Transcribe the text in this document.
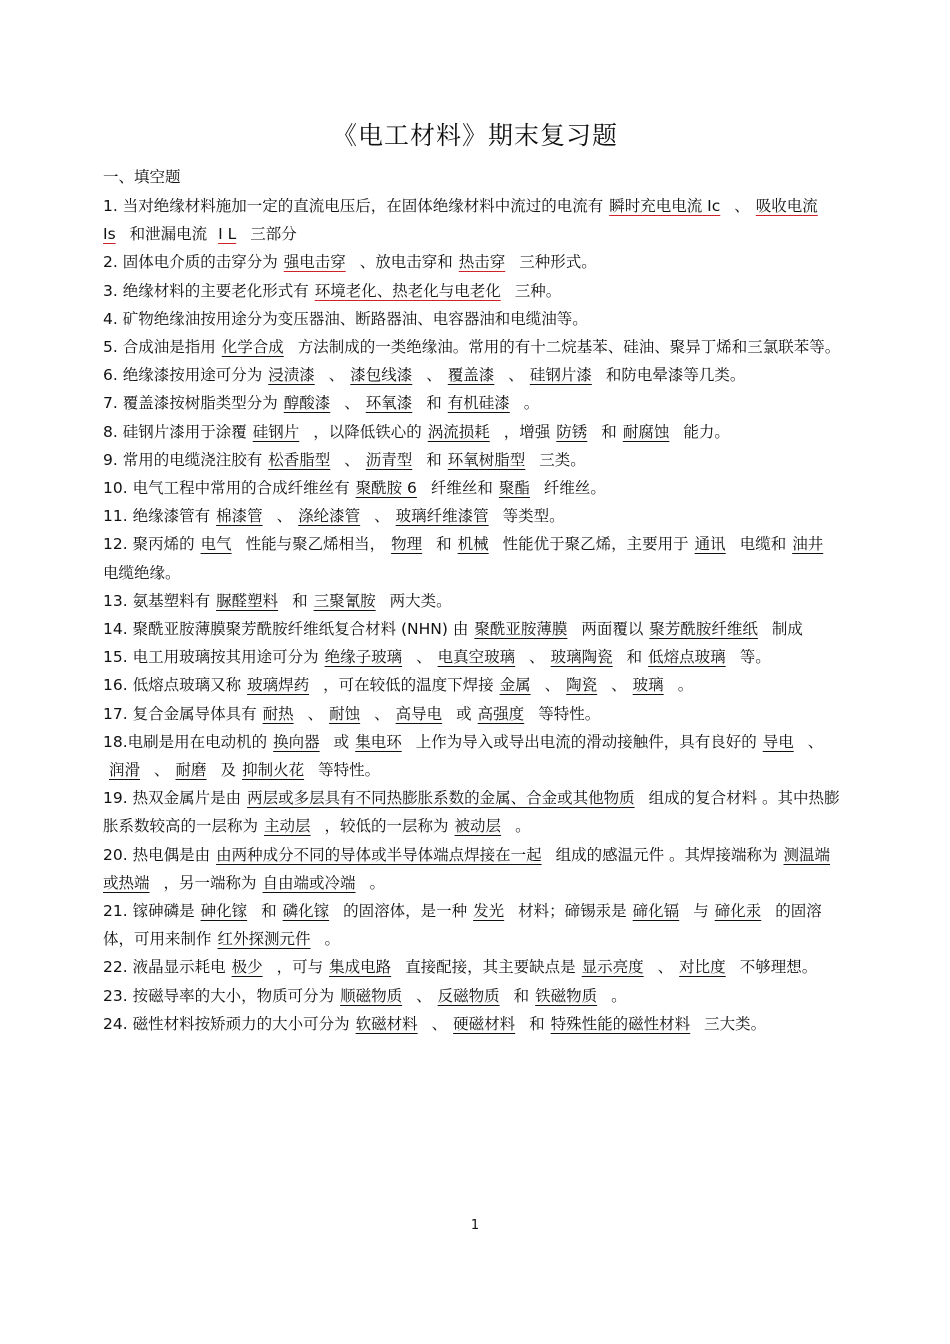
《电工材料》期末复习题
一、填空题

1. 当对绝缘材料施加一定的直流电压后，在固体绝缘材料中流过的电流有 瞬时充电电流 Ic 、 吸收电流 Is 和泄漏电流 I L 三部分

2. 固体电介质的击穿分为 强电击穿 、放电击穿和 热击穿 三种形式。

3. 绝缘材料的主要老化形式有 环境老化、热老化与电老化 三种。

4. 矿物绝缘油按用途分为变压器油、断路器油、电容器油和电缆油等。

5. 合成油是指用 化学合成 方法制成的一类绝缘油。常用的有十二烷基苯、硅油、聚异丁烯和三氯联苯等。

6. 绝缘漆按用途可分为 浸渍漆 、 漆包线漆 、 覆盖漆 、 硅钢片漆 和防电晕漆等几类。

7. 覆盖漆按树脂类型分为 醇酸漆 、 环氧漆 和 有机硅漆 。

8. 硅钢片漆用于涂覆 硅钢片 ，以降低铁心的 涡流损耗 ，增强 防锈 和 耐腐蚀 能力。

9. 常用的电缆浇注胶有 松香脂型 、 沥青型 和 环氧树脂型 三类。

10. 电气工程中常用的合成纤维丝有 聚酰胺 6 纤维丝和 聚酯 纤维丝。

11. 绝缘漆管有 棉漆管 、 涤纶漆管 、 玻璃纤维漆管 等类型。

12. 聚丙烯的 电气 性能与聚乙烯相当， 物理 和 机械 性能优于聚乙烯，主要用于 通讯 电缆和 油井电缆绝缘。

13. 氨基塑料有 脲醛塑料 和 三聚氰胺 两大类。

14. 聚酰亚胺薄膜聚芳酰胺纤维纸复合材料 (NHN) 由 聚酰亚胺薄膜 两面覆以 聚芳酰胺纤维纸 制成

15. 电工用玻璃按其用途可分为 绝缘子玻璃 、 电真空玻璃 、 玻璃陶瓷 和 低熔点玻璃 等。

16. 低熔点玻璃又称 玻璃焊药 ，可在较低的温度下焊接 金属 、 陶瓷 、 玻璃 。

17. 复合金属导体具有 耐热 、 耐蚀 、 高导电 或 高强度 等特性。

18.电刷是用在电动机的 换向器 或 集电环 上作为导入或导出电流的滑动接触件，具有良好的 导电 、润滑 、 耐磨 及 抑制火花 等特性。

19. 热双金属片是由 两层或多层具有不同热膨胀系数的金属、合金或其他物质 组成的复合材料 。其中热膨胀系数较高的一层称为 主动层 ，较低的一层称为 被动层 。

20. 热电偶是由 由两种成分不同的导体或半导体端点焊接在一起 组成的感温元件 。其焊接端称为 测温端或热端 ，另一端称为 自由端或冷端 。

21. 镓砷磷是 砷化镓 和 磷化镓 的固溶体，是一种 发光 材料；碲锡汞是 碲化镉 与 碲化汞 的固溶体，可用来制作 红外探测元件 。

22. 液晶显示耗电 极少 ，可与 集成电路 直接配接，其主要缺点是 显示亮度 、 对比度 不够理想。

23. 按磁导率的大小，物质可分为 顺磁物质 、 反磁物质 和 铁磁物质 。

24. 磁性材料按矫顽力的大小可分为 软磁材料 、 硬磁材料 和 特殊性能的磁性材料 三大类。

1
